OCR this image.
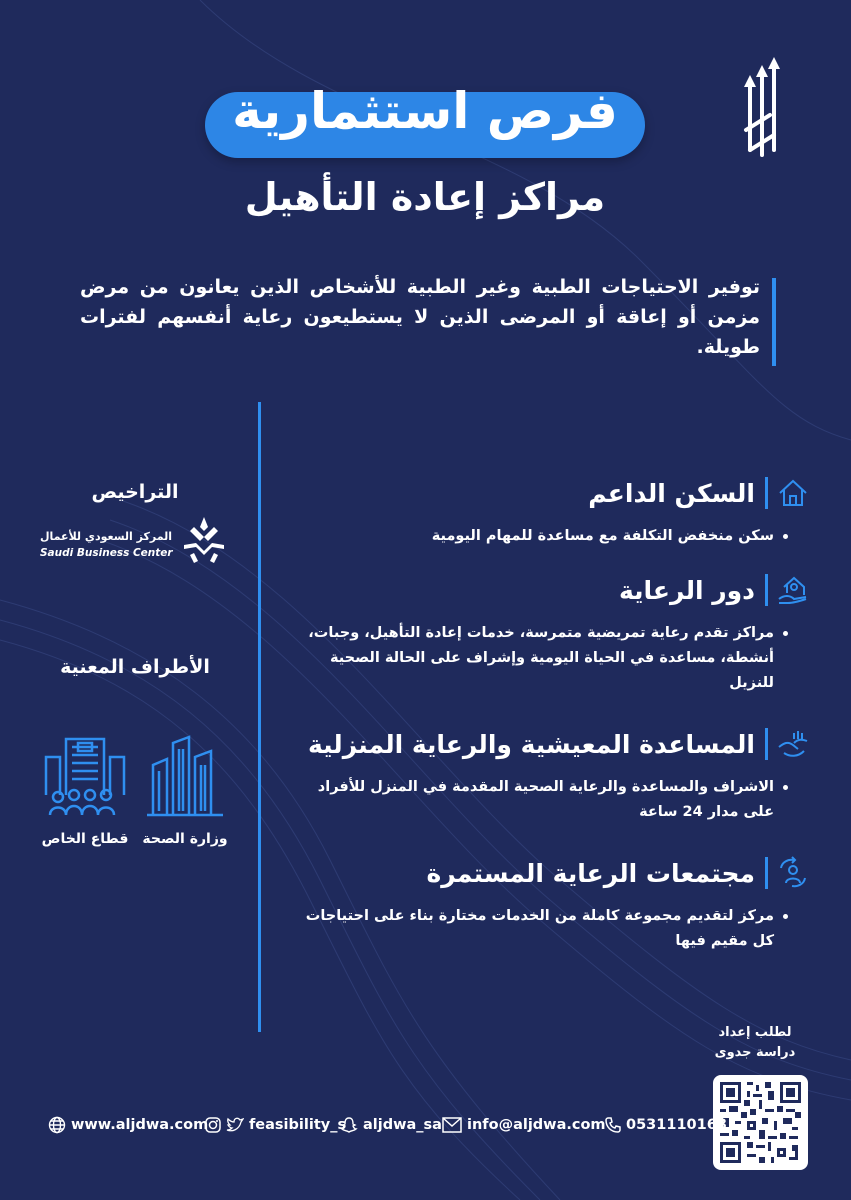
فرص استثمارية
مراكز إعادة التأهيل
توفير الاحتياجات الطبية وغير الطبية للأشخاص الذين يعانون من مرض مزمن أو إعاقة أو المرضى الذين لا يستطيعون رعاية أنفسهم لفترات طويلة.
السكن الداعم
سكن منخفض التكلفة مع مساعدة للمهام اليومية
دور الرعاية
مراكز تقدم رعاية تمريضية متمرسة، خدمات إعادة التأهيل، وجبات، أنشطة، مساعدة في الحياة اليومية وإشراف على الحالة الصحية للنزيل
المساعدة المعيشية والرعاية المنزلية
الاشراف والمساعدة والرعاية الصحية المقدمة في المنزل للأفراد على مدار 24 ساعة
مجتمعات الرعاية المستمرة
مركز لتقديم مجموعة كاملة من الخدمات مختارة بناء على احتياجات كل مقيم فيها
التراخيص
المركز السعودي للأعمال
Saudi Business Center
الأطراف المعنية
وزارة الصحة
قطاع الخاص
لطلب إعداد
دراسة جدوى
0531110168
info@aljdwa.com
aljdwa_sa
feasibility_s
www.aljdwa.com
